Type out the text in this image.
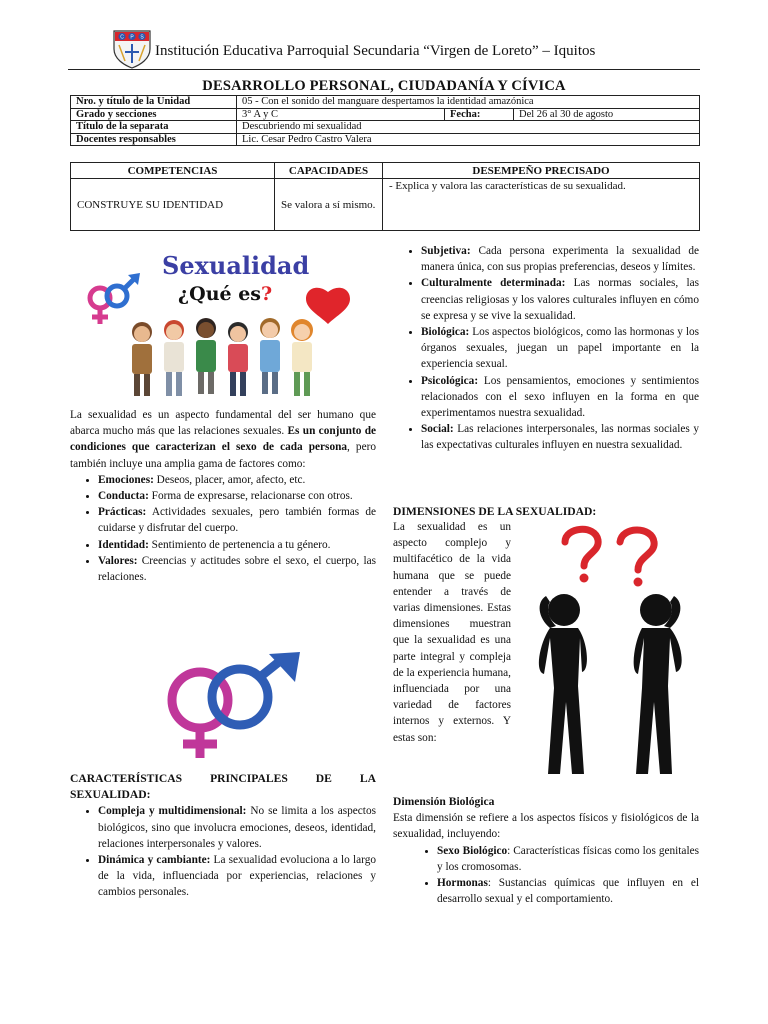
C P S
Institución Educativa Parroquial Secundaria “Virgen de Loreto” – Iquitos
DESARROLLO PERSONAL, CIUDADANÍA Y CÍVICA
Nro. y título de la Unidad	05 - Con el sonido del manguare despertamos la identidad amazónica		
Grado y secciones	3° A y C	Fecha:	Del 26 al 30 de agosto
Título de la separata	Descubriendo mi sexualidad		
Docentes responsables	Lic. Cesar Pedro Castro Valera		
COMPETENCIAS	CAPACIDADES	DESEMPEÑO PRECISADO
CONSTRUYE SU IDENTIDAD	Se valora a sí mismo.	- Explica y valora las características de su sexualidad.
Sexualidad
¿Qué es?
La sexualidad es un aspecto fundamental del ser humano que abarca mucho más que las relaciones sexuales. Es un conjunto de condiciones que caracterizan el sexo de cada persona, pero también incluye una amplia gama de factores como:
• Emociones: Deseos, placer, amor, afecto, etc.
• Conducta: Forma de expresarse, relacionarse con otros.
• Prácticas: Actividades sexuales, pero también formas de cuidarse y disfrutar del cuerpo.
• Identidad: Sentimiento de pertenencia a tu género.
• Valores: Creencias y actitudes sobre el sexo, el cuerpo, las relaciones.
CARACTERÍSTICAS PRINCIPALES DE LA SEXUALIDAD:
• Compleja y multidimensional: No se limita a los aspectos biológicos, sino que involucra emociones, deseos, identidad, relaciones interpersonales y valores.
• Dinámica y cambiante: La sexualidad evoluciona a lo largo de la vida, influenciada por experiencias, relaciones y cambios personales.
• Subjetiva: Cada persona experimenta la sexualidad de manera única, con sus propias preferencias, deseos y límites.
• Culturalmente determinada: Las normas sociales, las creencias religiosas y los valores culturales influyen en cómo se expresa y se vive la sexualidad.
• Biológica: Los aspectos biológicos, como las hormonas y los órganos sexuales, juegan un papel importante en la experiencia sexual.
• Psicológica: Los pensamientos, emociones y sentimientos relacionados con el sexo influyen en la forma en que experimentamos nuestra sexualidad.
• Social: Las relaciones interpersonales, las normas sociales y las expectativas culturales influyen en nuestra sexualidad.
DIMENSIONES DE LA SEXUALIDAD:
La sexualidad es un aspecto complejo y multifacético de la vida humana que se puede entender a través de varias dimensiones. Estas dimensiones muestran que la sexualidad es una parte integral y compleja de la experiencia humana, influenciada por una variedad de factores internos y externos. Y estas son:
Dimensión Biológica
Esta dimensión se refiere a los aspectos físicos y fisiológicos de la sexualidad, incluyendo:
• Sexo Biológico: Características físicas como los genitales y los cromosomas.
• Hormonas: Sustancias químicas que influyen en el desarrollo sexual y el comportamiento.
